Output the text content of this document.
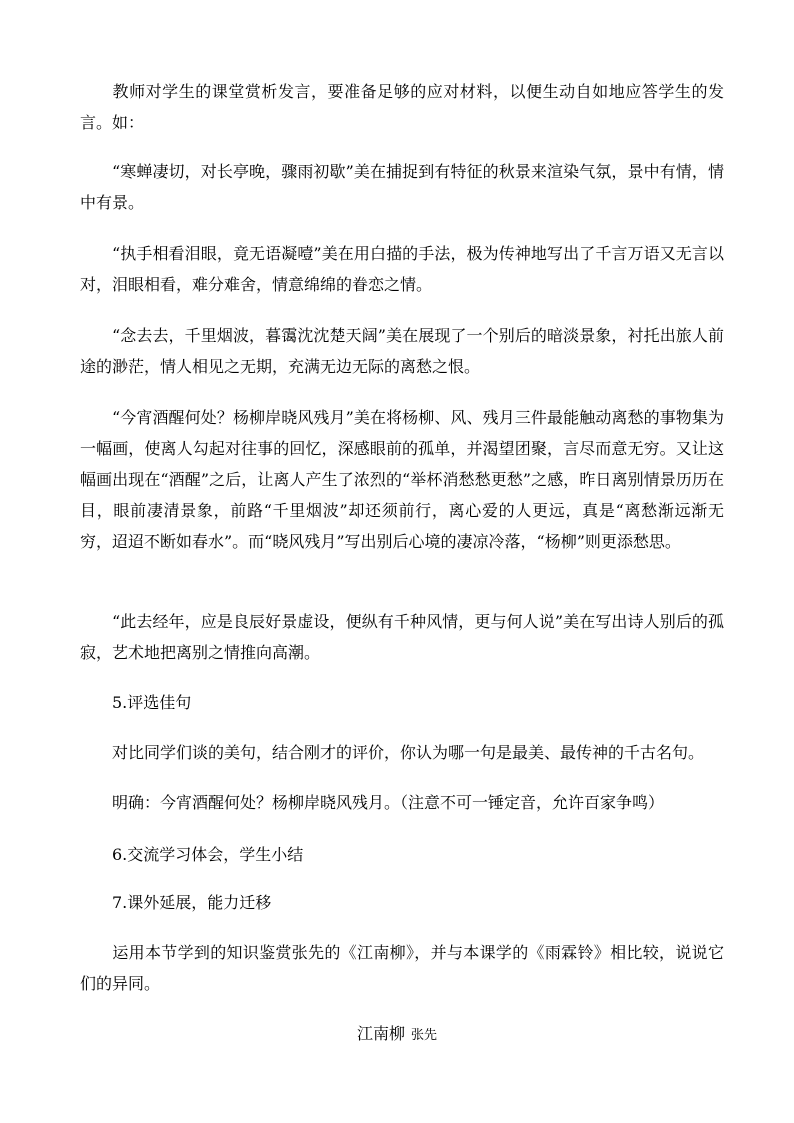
教师对学生的课堂赏析发言，要准备足够的应对材料，以便生动自如地应答学生的发言。如：

“寒蝉凄切，对长亭晚，骤雨初歇”美在捕捉到有特征的秋景来渲染气氛，景中有情，情中有景。

“执手相看泪眼，竟无语凝噎”美在用白描的手法，极为传神地写出了千言万语又无言以对，泪眼相看，难分难舍，情意绵绵的眷恋之情。

“念去去，千里烟波，暮霭沈沈楚天阔”美在展现了一个别后的暗淡景象，衬托出旅人前途的渺茫，情人相见之无期，充满无边无际的离愁之恨。

“今宵酒醒何处？杨柳岸晓风残月”美在将杨柳、风、残月三件最能触动离愁的事物集为一幅画，使离人勾起对往事的回忆，深感眼前的孤单，并渴望团聚，言尽而意无穷。又让这幅画出现在“酒醒”之后，让离人产生了浓烈的“举杯消愁愁更愁”之感，昨日离别情景历历在目，眼前凄清景象，前路“千里烟波”却还须前行，离心爱的人更远，真是“离愁渐远渐无穷，迢迢不断如春水”。而“晓风残月”写出别后心境的凄凉冷落，“杨柳”则更添愁思。

“此去经年，应是良辰好景虚设，便纵有千种风情，更与何人说”美在写出诗人别后的孤寂，艺术地把离别之情推向高潮。

5.评选佳句

对比同学们谈的美句，结合刚才的评价，你认为哪一句是最美、最传神的千古名句。

明确：今宵酒醒何处？杨柳岸晓风残月。（注意不可一锤定音，允许百家争鸣）

6.交流学习体会，学生小结

7.课外延展，能力迁移

运用本节学到的知识鉴赏张先的《江南柳》，并与本课学的《雨霖铃》相比较，说说它们的异同。

江南柳 张先
